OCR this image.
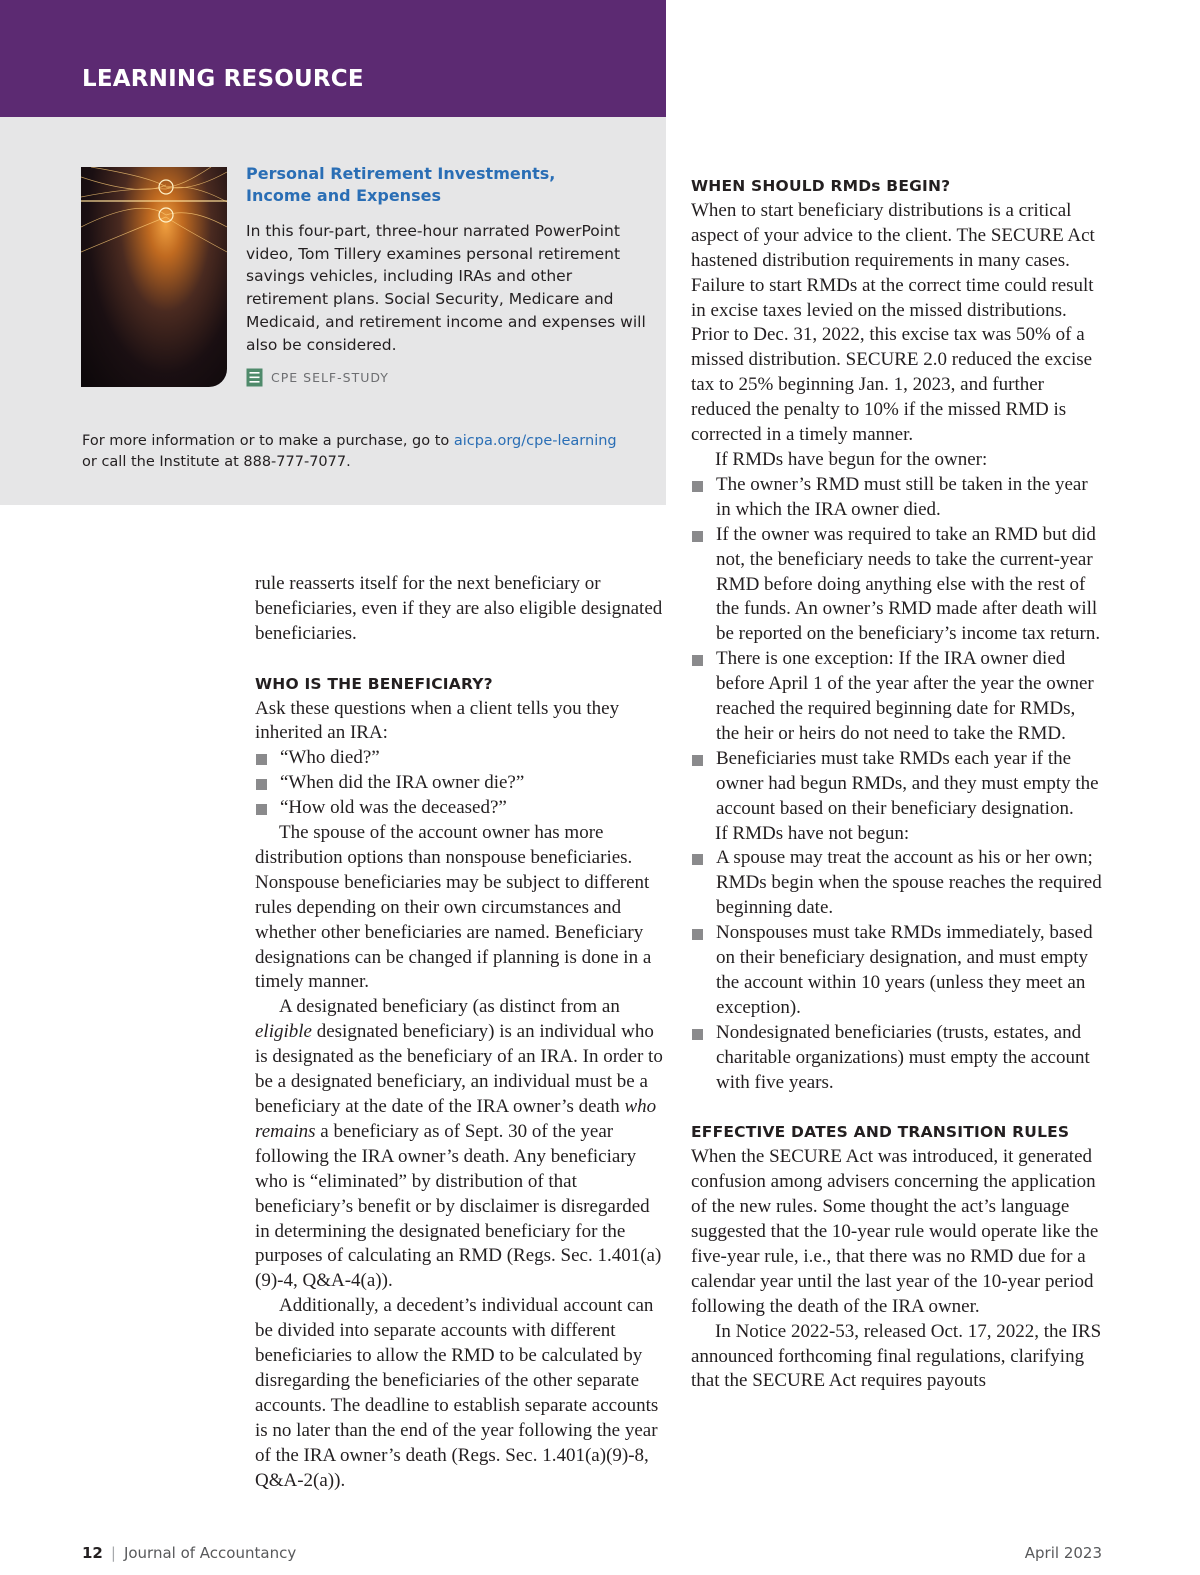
LEARNING RESOURCE
Personal Retirement Investments, Income and Expenses

In this four-part, three-hour narrated PowerPoint video, Tom Tillery examines personal retirement savings vehicles, including IRAs and other retirement plans. Social Security, Medicare and Medicaid, and retirement income and expenses will also be considered.

CPE SELF-STUDY

For more information or to make a purchase, go to aicpa.org/cpe-learning
or call the Institute at 888-777-7077.

rule reasserts itself for the next beneficiary or beneficiaries, even if they are also eligible designated beneficiaries.

WHO IS THE BENEFICIARY?

Ask these questions when a client tells you they inherited an IRA:

“Who died?”
“When did the IRA owner die?”
“How old was the deceased?”

The spouse of the account owner has more distribution options than nonspouse beneficiaries. Nonspouse beneficiaries may be subject to different rules depending on their own circumstances and whether other beneficiaries are named. Beneficiary designations can be changed if planning is done in a timely manner.

A designated beneficiary (as distinct from an eligible designated beneficiary) is an individual who is designated as the beneficiary of an IRA. In order to be a designated beneficiary, an individual must be a beneficiary at the date of the IRA owner’s death who remains a beneficiary as of Sept. 30 of the year following the IRA owner’s death. Any beneficiary who is “eliminated” by distribution of that beneficiary’s benefit or by disclaimer is disregarded in determining the designated beneficiary for the purposes of calculating an RMD (Regs. Sec. 1.401(a)(9)-4, Q&A-4(a)).

Additionally, a decedent’s individual account can be divided into separate accounts with different beneficiaries to allow the RMD to be calculated by disregarding the beneficiaries of the other separate accounts. The deadline to establish separate accounts is no later than the end of the year following the year of the IRA owner’s death (Regs. Sec. 1.401(a)(9)-8, Q&A-2(a)).

WHEN SHOULD RMDs BEGIN?

When to start beneficiary distributions is a critical aspect of your advice to the client. The SECURE Act hastened distribution requirements in many cases. Failure to start RMDs at the correct time could result in excise taxes levied on the missed distributions. Prior to Dec. 31, 2022, this excise tax was 50% of a missed distribution. SECURE 2.0 reduced the excise tax to 25% beginning Jan. 1, 2023, and further reduced the penalty to 10% if the missed RMD is corrected in a timely manner.

If RMDs have begun for the owner:

The owner’s RMD must still be taken in the year in which the IRA owner died.
If the owner was required to take an RMD but did not, the beneficiary needs to take the current-year RMD before doing anything else with the rest of the funds. An owner’s RMD made after death will be reported on the beneficiary’s income tax return.
There is one exception: If the IRA owner died before April 1 of the year after the year the owner reached the required beginning date for RMDs, the heir or heirs do not need to take the RMD.
Beneficiaries must take RMDs each year if the owner had begun RMDs, and they must empty the account based on their beneficiary designation.

If RMDs have not begun:

A spouse may treat the account as his or her own; RMDs begin when the spouse reaches the required beginning date.
Nonspouses must take RMDs immediately, based on their beneficiary designation, and must empty the account within 10 years (unless they meet an exception).
Nondesignated beneficiaries (trusts, estates, and charitable organizations) must empty the account with five years.
EFFECTIVE DATES AND TRANSITION RULES

When the SECURE Act was introduced, it generated confusion among advisers concerning the application of the new rules. Some thought the act’s language suggested that the 10-year rule would operate like the five-year rule, i.e., that there was no RMD due for a calendar year until the last year of the 10-year period following the death of the IRA owner.

In Notice 2022-53, released Oct. 17, 2022, the IRS announced forthcoming final regulations, clarifying that the SECURE Act requires payouts

12 | Journal of Accountancy	April 2023
